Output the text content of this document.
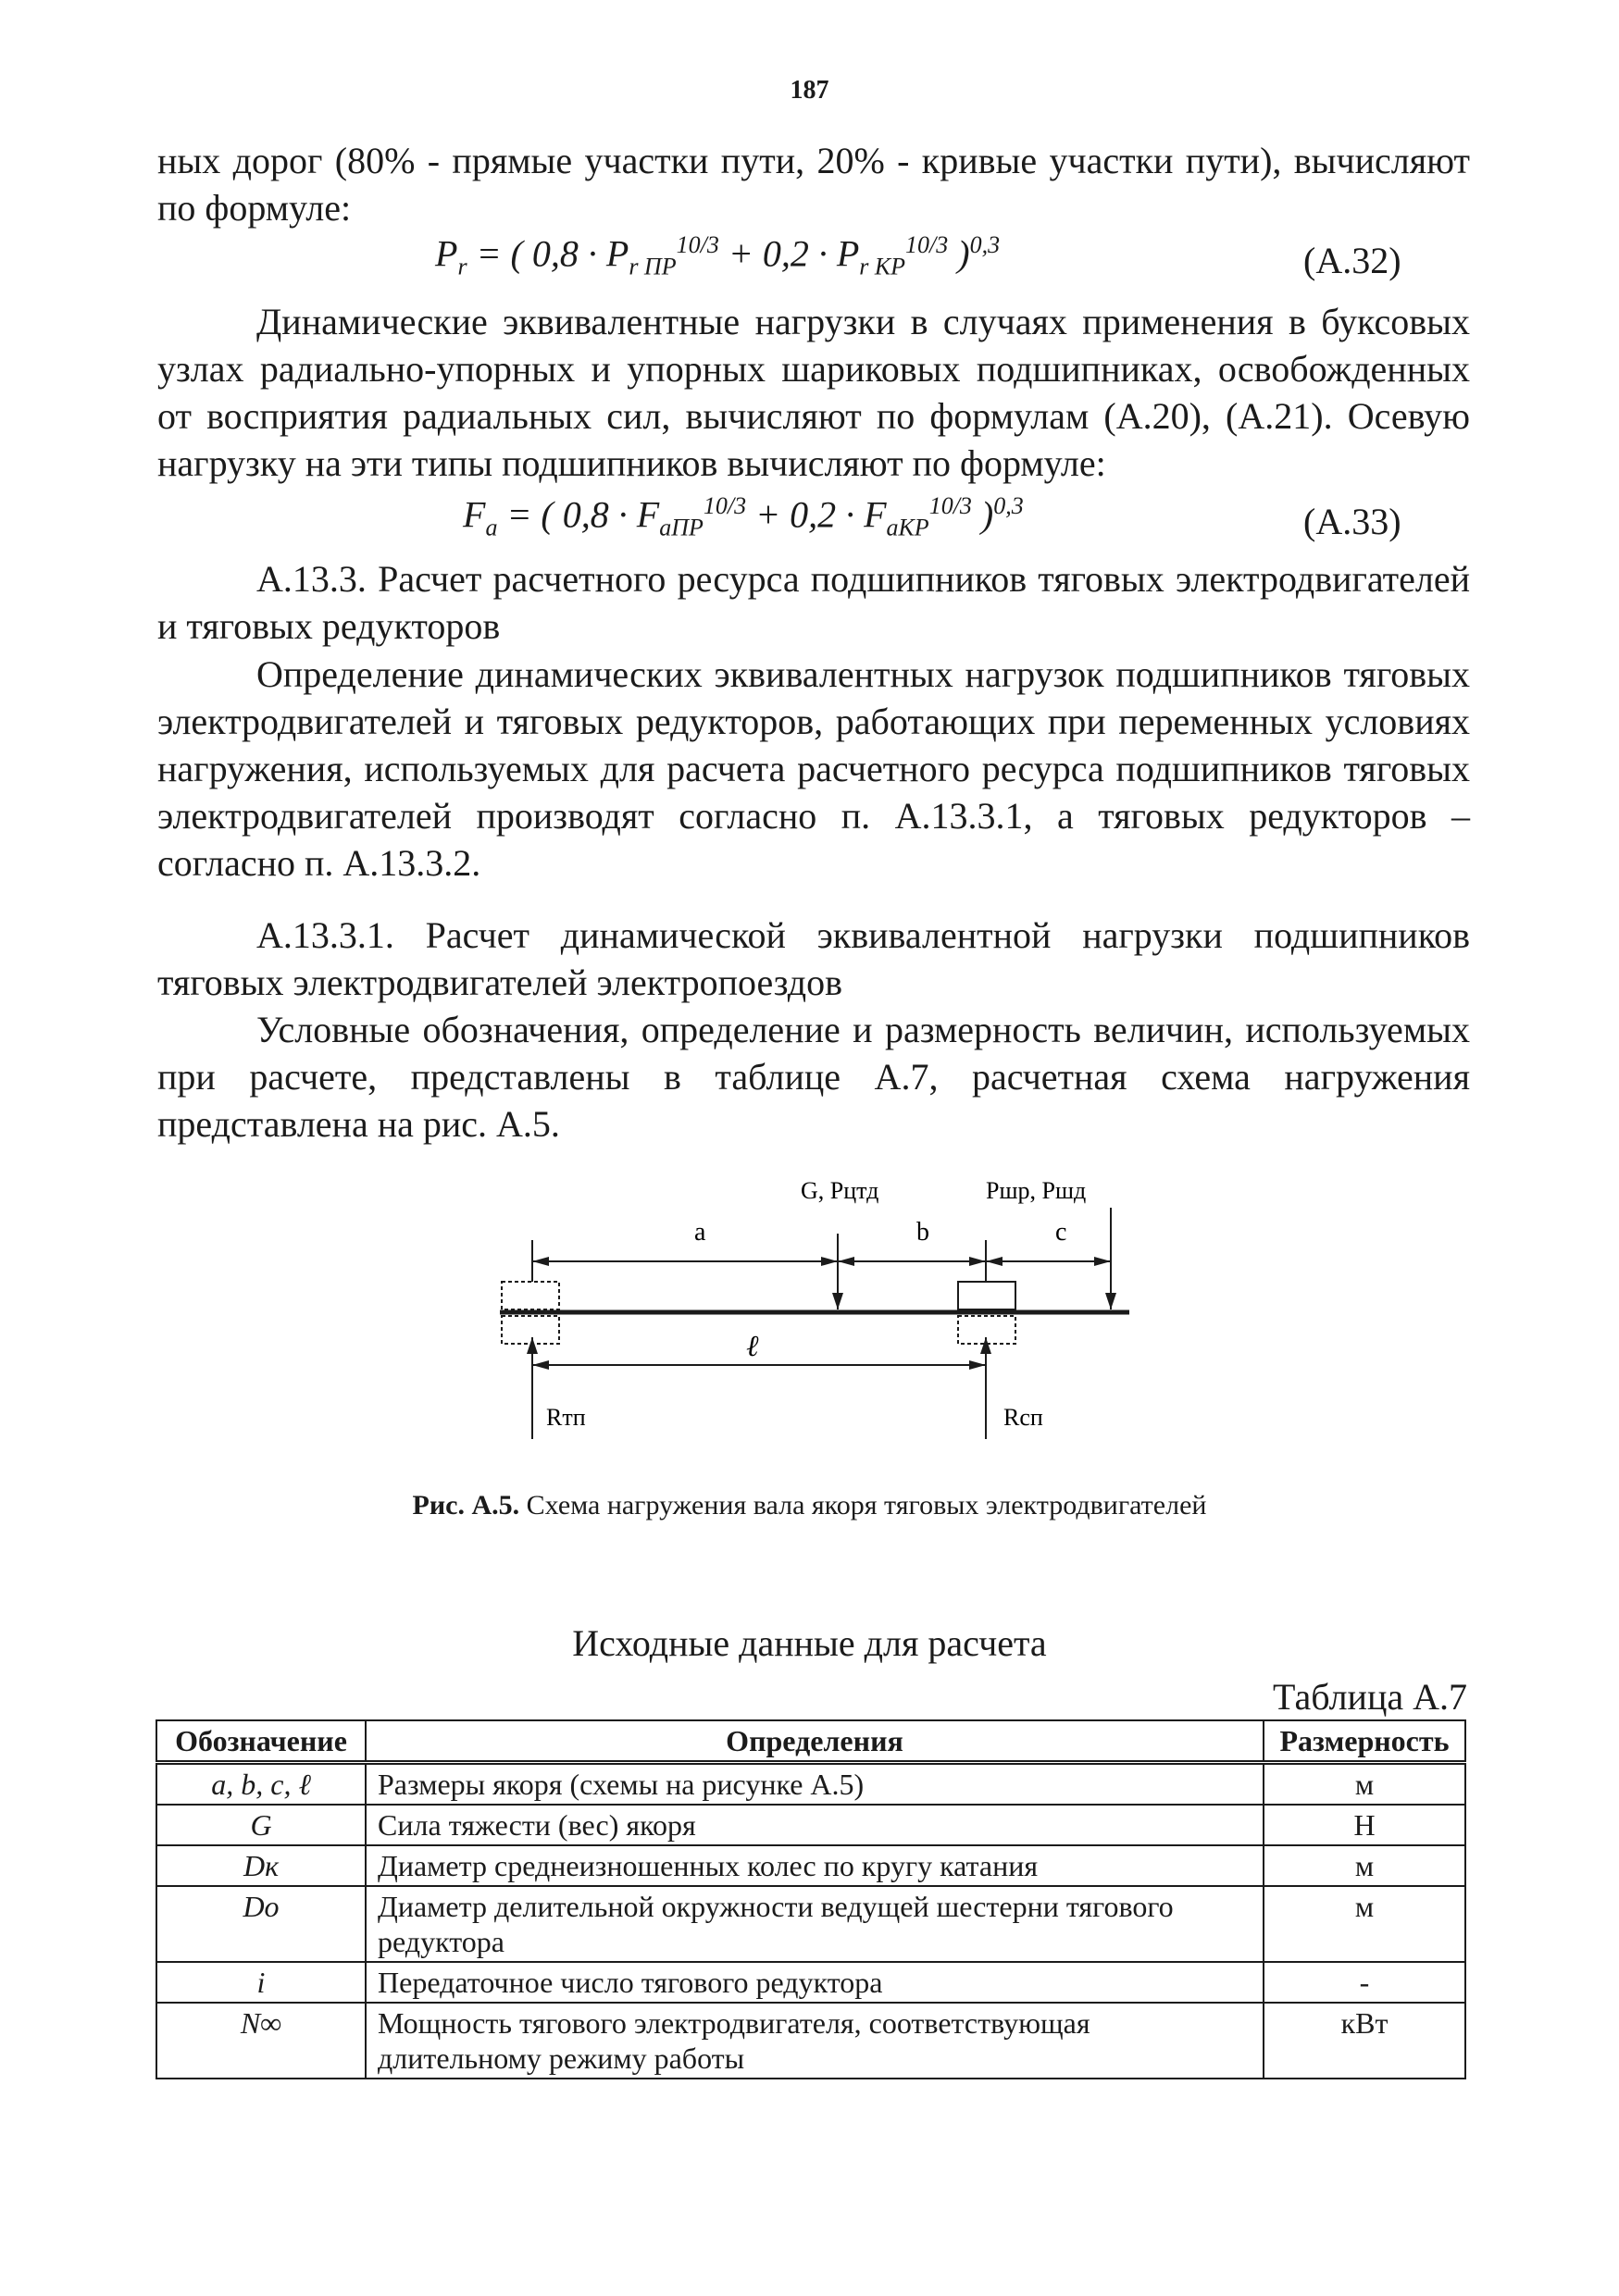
187

ных дорог (80% - прямые участки пути, 20% - кривые участки пути), вычисляют по формуле:

$P_r$ = ( $0,8 \cdot P_{r ПР}^{10/3} + 0,2 \cdot P_{r КР}^{10/3}$ )$^{0,3}$	(A.32)

Динамические эквивалентные нагрузки в случаях применения в буксовых узлах радиально-упорных и упорных шариковых подшипниках, освобожденных от восприятия радиальных сил, вычисляют по формулам (A.20), (A.21). Осевую нагрузку на эти типы подшипников вычисляют по формуле:

$F_a$ = ( $0,8 \cdot F_{aПР}^{10/3} + 0,2 \cdot F_{aКР}^{10/3}$ )$^{0,3}$	(A.33)

A.13.3. Расчет расчетного ресурса подшипников тяговых электродвигателей и тяговых редукторов

Определение динамических эквивалентных нагрузок подшипников тяговых электродвигателей и тяговых редукторов, работающих при переменных условиях нагружения, используемых для расчета расчетного ресурса подшипников тяговых электродвигателей производят согласно п. A.13.3.1, а тяговых редукторов – согласно п. A.13.3.2.

A.13.3.1. Расчет динамической эквивалентной нагрузки подшипников тяговых электродвигателей электропоездов

Условные обозначения, определение и размерность величин, используемых при расчете, представлены в таблице A.7, расчетная схема нагружения представлена на рис. A.5.

a	b	c
ℓ
G, Pцтд	Pшр, Pшд
Rтп	Rсп
Рис. A.5. Схема нагружения вала якоря тяговых электродвигателей
Исходные данные для расчета
Таблица A.7
Обозначение	Определения	Размерность
a, b, c, ℓ	Размеры якоря (схемы на рисунке A.5)	м
G	Сила тяжести (вес) якоря	Н
Dк	Диаметр среднеизношенных колес по кругу катания	м
Dо	Диаметр делительной окружности ведущей шестерни тягового редуктора	м
i	Передаточное число тягового редуктора	-
N∞	Мощность тягового электродвигателя, соответствующая длительному режиму работы	кВт
